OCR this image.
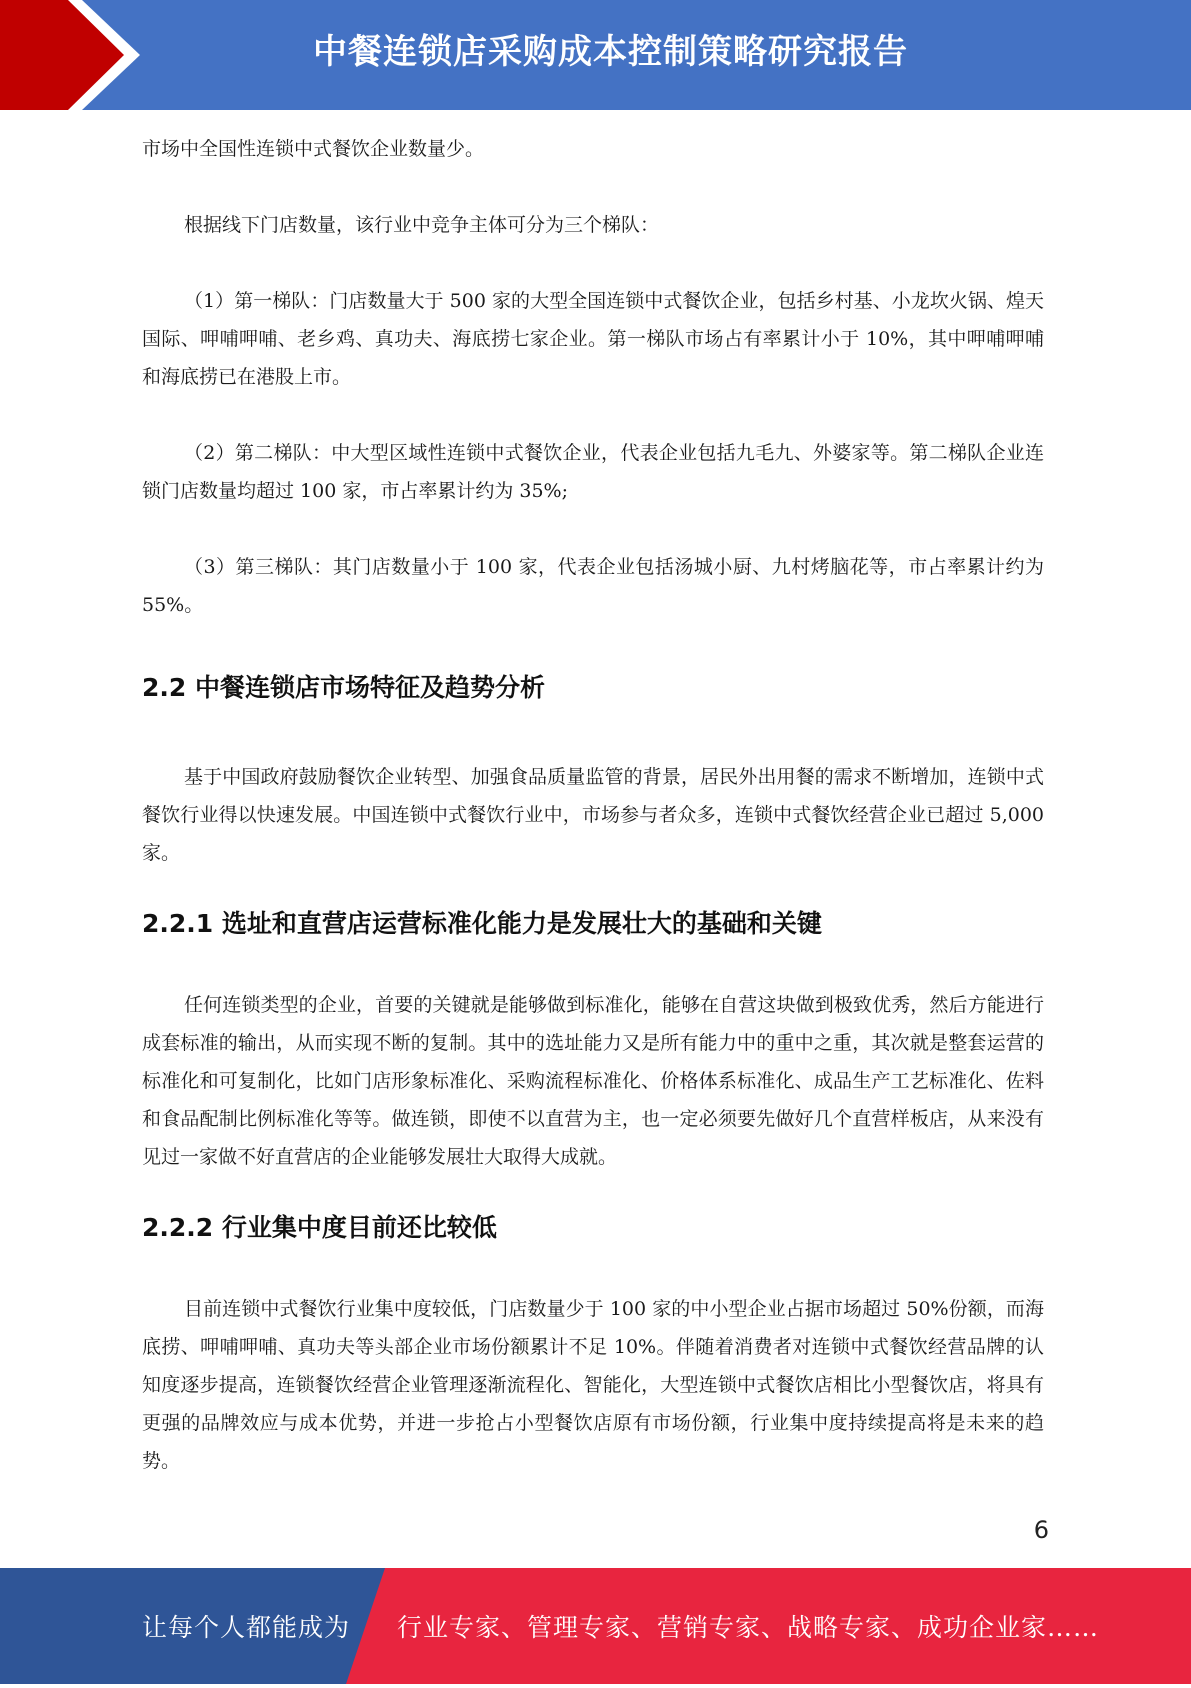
中餐连锁店采购成本控制策略研究报告

市场中全国性连锁中式餐饮企业数量少。

根据线下门店数量，该行业中竞争主体可分为三个梯队：

（1）第一梯队：门店数量大于 500 家的大型全国连锁中式餐饮企业，包括乡村基、小龙坎火锅、煌天国际、呷哺呷哺、老乡鸡、真功夫、海底捞七家企业。第一梯队市场占有率累计小于 10%，其中呷哺呷哺和海底捞已在港股上市。

（2）第二梯队：中大型区域性连锁中式餐饮企业，代表企业包括九毛九、外婆家等。第二梯队企业连锁门店数量均超过 100 家，市占率累计约为 35%;

（3）第三梯队：其门店数量小于 100 家，代表企业包括汤城小厨、九村烤脑花等，市占率累计约为 55%。

2.2 中餐连锁店市场特征及趋势分析

基于中国政府鼓励餐饮企业转型、加强食品质量监管的背景，居民外出用餐的需求不断增加，连锁中式餐饮行业得以快速发展。中国连锁中式餐饮行业中，市场参与者众多，连锁中式餐饮经营企业已超过 5,000 家。

2.2.1 选址和直营店运营标准化能力是发展壮大的基础和关键

任何连锁类型的企业，首要的关键就是能够做到标准化，能够在自营这块做到极致优秀，然后方能进行成套标准的输出，从而实现不断的复制。其中的选址能力又是所有能力中的重中之重，其次就是整套运营的标准化和可复制化，比如门店形象标准化、采购流程标准化、价格体系标准化、成品生产工艺标准化、佐料和食品配制比例标准化等等。做连锁，即使不以直营为主，也一定必须要先做好几个直营样板店，从来没有见过一家做不好直营店的企业能够发展壮大取得大成就。

2.2.2 行业集中度目前还比较低

目前连锁中式餐饮行业集中度较低，门店数量少于 100 家的中小型企业占据市场超过 50%份额，而海底捞、呷哺呷哺、真功夫等头部企业市场份额累计不足 10%。伴随着消费者对连锁中式餐饮经营品牌的认知度逐步提高，连锁餐饮经营企业管理逐渐流程化、智能化，大型连锁中式餐饮店相比小型餐饮店，将具有更强的品牌效应与成本优势，并进一步抢占小型餐饮店原有市场份额，行业集中度持续提高将是未来的趋势。

6
让每个人都能成为 行业专家、管理专家、营销专家、战略专家、成功企业家……
